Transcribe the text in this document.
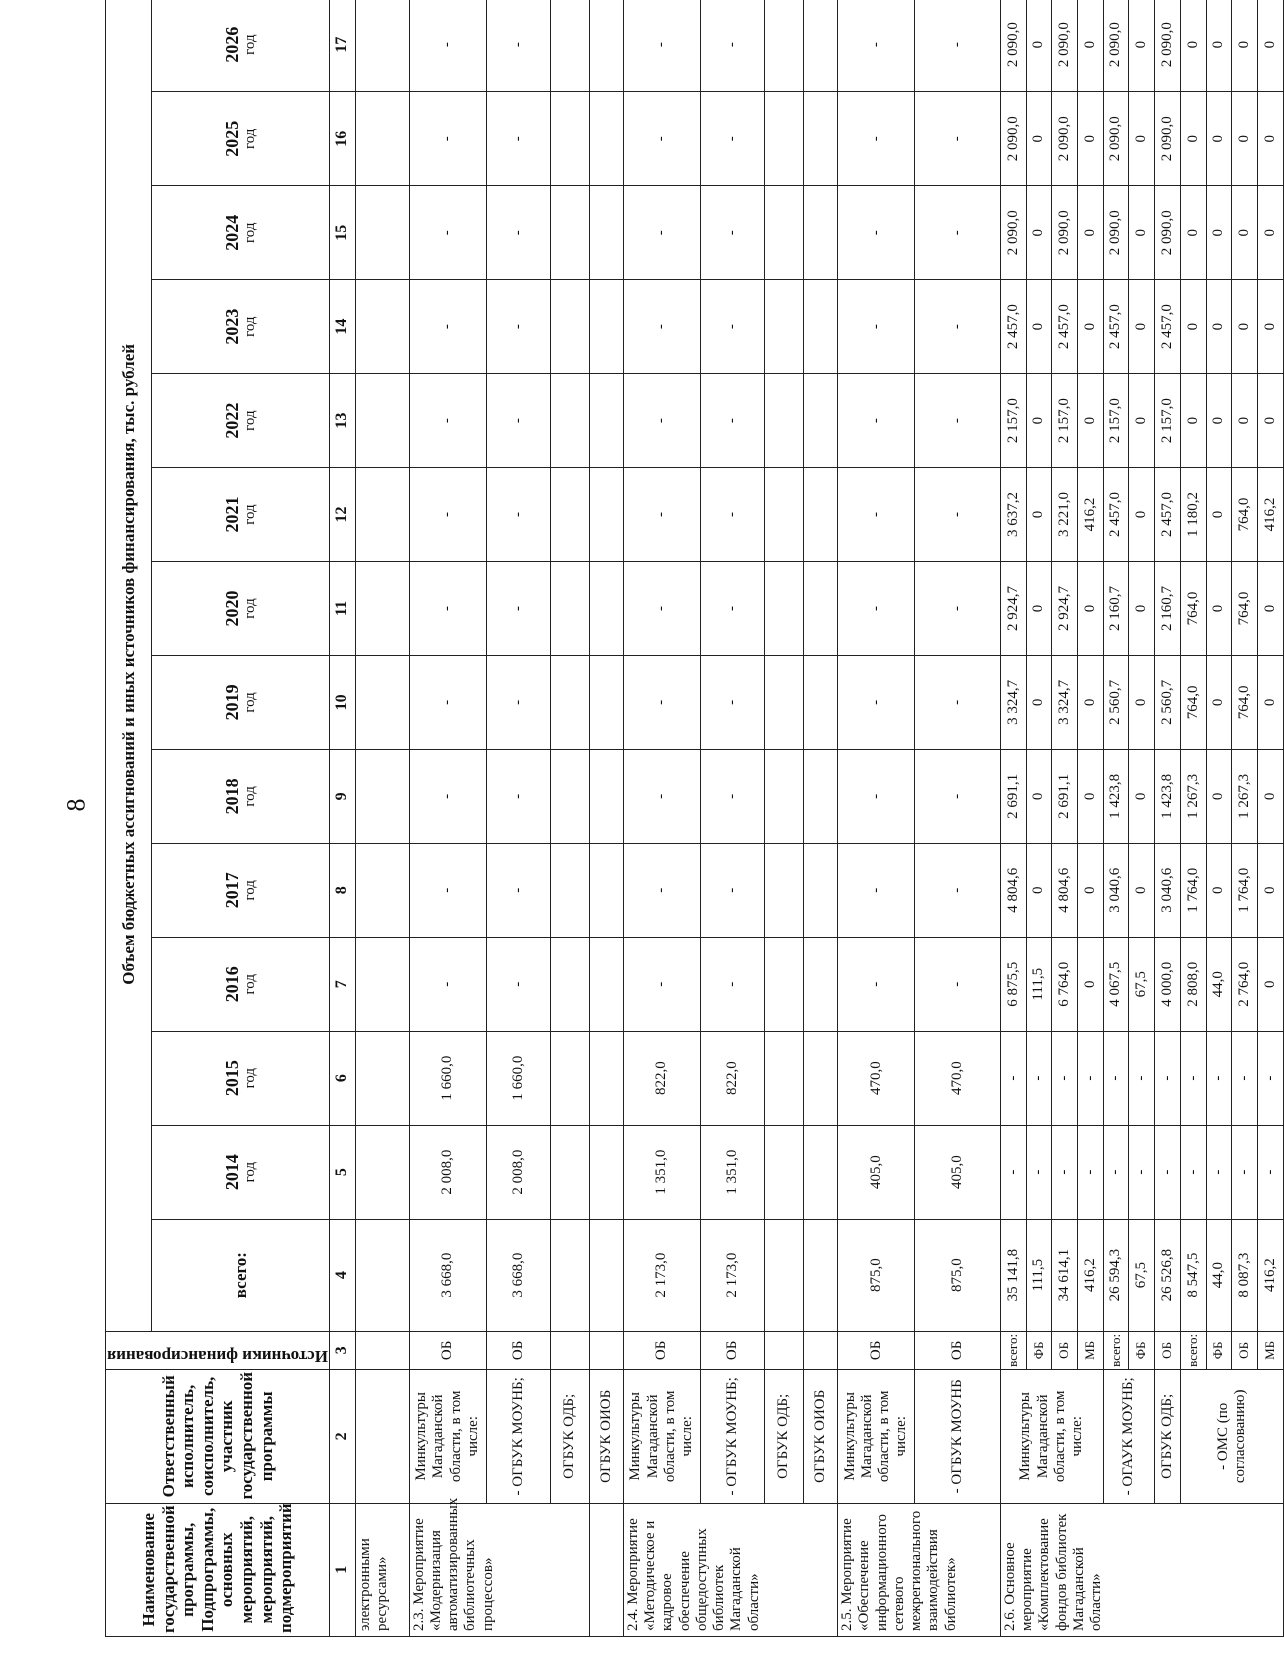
8
Наименование государственной программы, Подпрограммы, основных мероприятий, мероприятий, подмероприятий	Ответственный исполнитель, соисполнитель, участник государственной программы	Источники финансирования	Объем бюджетных ассигнований и иных источников финансирования, тыс. рублей													
			всего:	2014 год	2015 год	2016 год	2017 год	2018 год	2019 год	2020 год	2021 год	2022 год	2023 год	2024 год	2025 год	2026 год

1	2	3	4	5	6	7	8	9	10	11	12	13	14	15	16	17
электронными ресурсами»																
2.3. Мероприятие «Модернизация автоматизированных библиотечных процессов»	Минкультуры Магаданской области, в том числе:	ОБ	3 668,0	2 008,0	1 660,0	-	-	-	-	-	-	-	-	-	-	-
	- ОГБУК МОУНБ;	ОБ	3 668,0	2 008,0	1 660,0	-	-	-	-	-	-	-	-	-	-	-
	ОГБУК ОДБ;															
	ОГБУК ОИОБ															
2.4. Мероприятие «Методическое и кадровое обеспечение общедоступных библиотек Магаданской области»	Минкультуры Магаданской области, в том числе:	ОБ	2 173,0	1 351,0	822,0	-	-	-	-	-	-	-	-	-	-	-
	- ОГБУК МОУНБ;	ОБ	2 173,0	1 351,0	822,0	-	-	-	-	-	-	-	-	-	-	-
	ОГБУК ОДБ;															
	ОГБУК ОИОБ															
2.5. Мероприятие «Обеспечение информационного сетевого межрегионального взаимодействия библиотек»	Минкультуры Магаданской области, в том числе:	ОБ	875,0	405,0	470,0	-	-	-	-	-	-	-	-	-	-	-
	- ОГБУК МОУНБ	ОБ	875,0	405,0	470,0	-	-	-	-	-	-	-	-	-	-	-
2.6. Основное мероприятие «Комплектование фондов библиотек Магаданской области»	Минкультуры Магаданской области, в том числе:	всего:	35 141,8	-	-	6 875,5	4 804,6	2 691,1	3 324,7	2 924,7	3 637,2	2 157,0	2 457,0	2 090,0	2 090,0	2 090,0
		ФБ	111,5	-	-	111,5	0	0	0	0	0	0	0	0	0	0
		ОБ	34 614,1	-	-	6 764,0	4 804,6	2 691,1	3 324,7	2 924,7	3 221,0	2 157,0	2 457,0	2 090,0	2 090,0	2 090,0
		МБ	416,2	-	-	0	0	0	0	0	416,2	0	0	0	0	0
	- ОГАУК МОУНБ;	всего:	26 594,3	-	-	4 067,5	3 040,6	1 423,8	2 560,7	2 160,7	2 457,0	2 157,0	2 457,0	2 090,0	2 090,0	2 090,0
		ФБ	67,5	-	-	67,5	0	0	0	0	0	0	0	0	0	0
	ОГБУК ОДБ;	ОБ	26 526,8	-	-	4 000,0	3 040,6	1 423,8	2 560,7	2 160,7	2 457,0	2 157,0	2 457,0	2 090,0	2 090,0	2 090,0
	- ОМС (по согласованию)	всего:	8 547,5	-	-	2 808,0	1 764,0	1 267,3	764,0	764,0	1 180,2	0	0	0	0	0
		ФБ	44,0	-	-	44,0	0	0	0	0	0	0	0	0	0	0
		ОБ	8 087,3	-	-	2 764,0	1 764,0	1 267,3	764,0	764,0	764,0	0	0	0	0	0
		МБ	416,2	-	-	0	0	0	0	0	416,2	0	0	0	0	0
